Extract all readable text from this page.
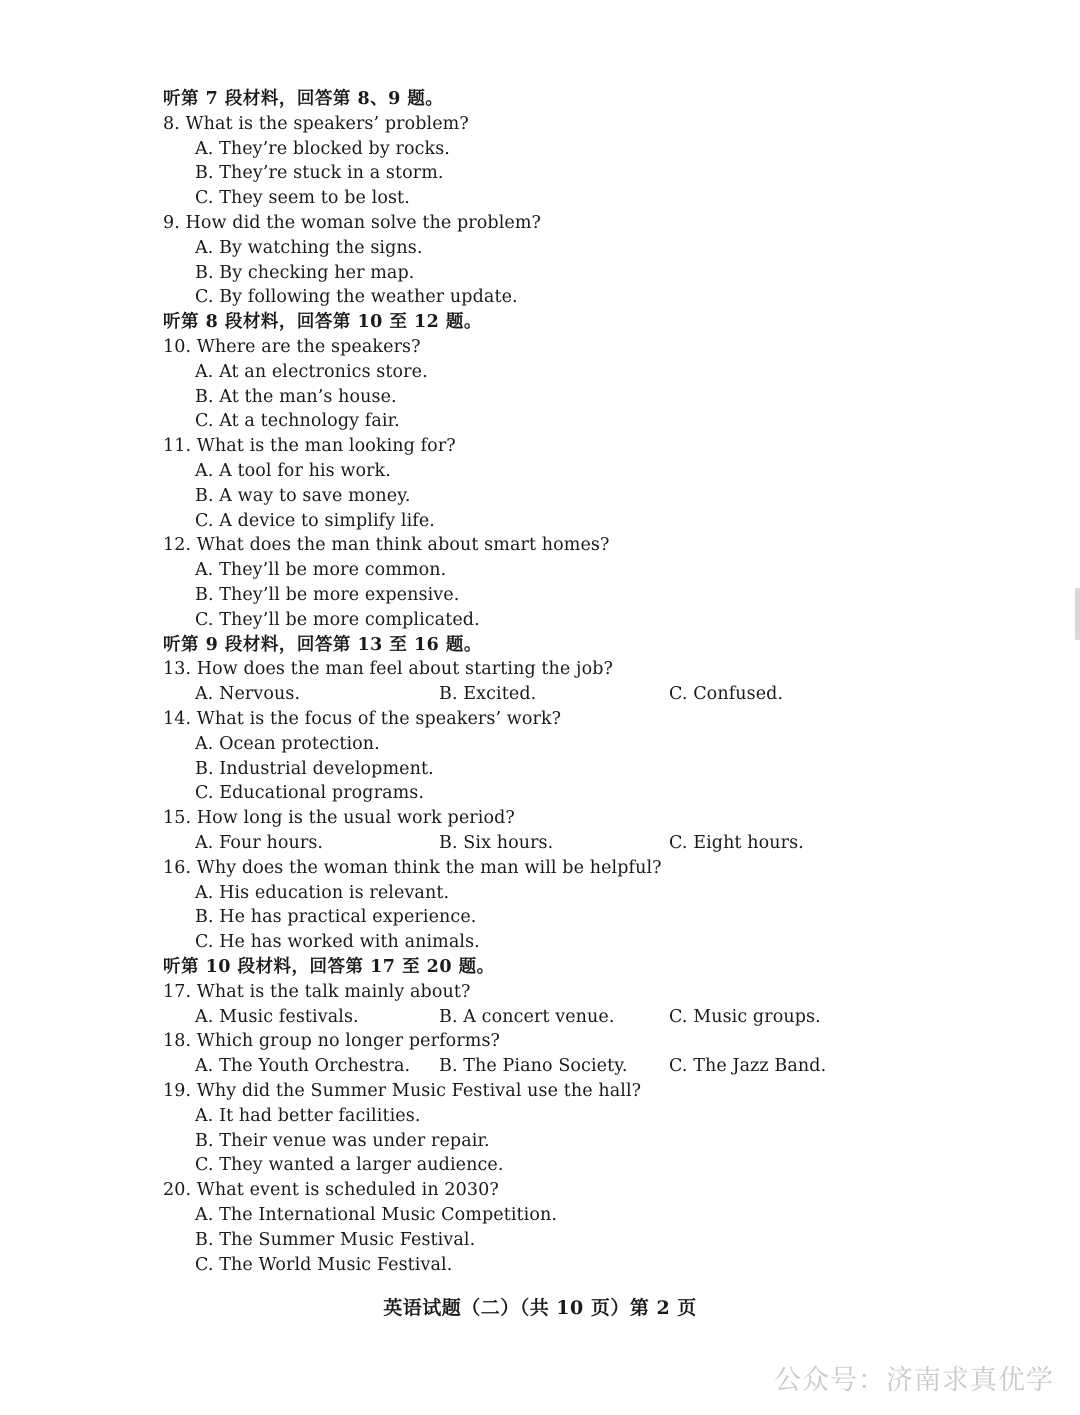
听第 7 段材料，回答第 8、9 题。
8. What is the speakers’ problem?
A. They’re blocked by rocks.
B. They’re stuck in a storm.
C. They seem to be lost.
9. How did the woman solve the problem?
A. By watching the signs.
B. By checking her map.
C. By following the weather update.
听第 8 段材料，回答第 10 至 12 题。
10. Where are the speakers?
A. At an electronics store.
B. At the man’s house.
C. At a technology fair.
11. What is the man looking for?
A. A tool for his work.
B. A way to save money.
C. A device to simplify life.
12. What does the man think about smart homes?
A. They’ll be more common.
B. They’ll be more expensive.
C. They’ll be more complicated.
听第 9 段材料，回答第 13 至 16 题。
13. How does the man feel about starting the job?
A. Nervous.	B. Excited.	C. Confused.
14. What is the focus of the speakers’ work?
A. Ocean protection.
B. Industrial development.
C. Educational programs.
15. How long is the usual work period?
A. Four hours.	B. Six hours.	C. Eight hours.
16. Why does the woman think the man will be helpful?
A. His education is relevant.
B. He has practical experience.
C. He has worked with animals.
听第 10 段材料，回答第 17 至 20 题。
17. What is the talk mainly about?
A. Music festivals.	B. A concert venue.	C. Music groups.
18. Which group no longer performs?
A. The Youth Orchestra. B. The Piano Society. C. The Jazz Band.
19. Why did the Summer Music Festival use the hall?
A. It had better facilities.
B. Their venue was under repair.
C. They wanted a larger audience.
20. What event is scheduled in 2030?
A. The International Music Competition.
B. The Summer Music Festival.
C. The World Music Festival.
英语试题（二）（共 10 页）第 2 页
公众号：济南求真优学
